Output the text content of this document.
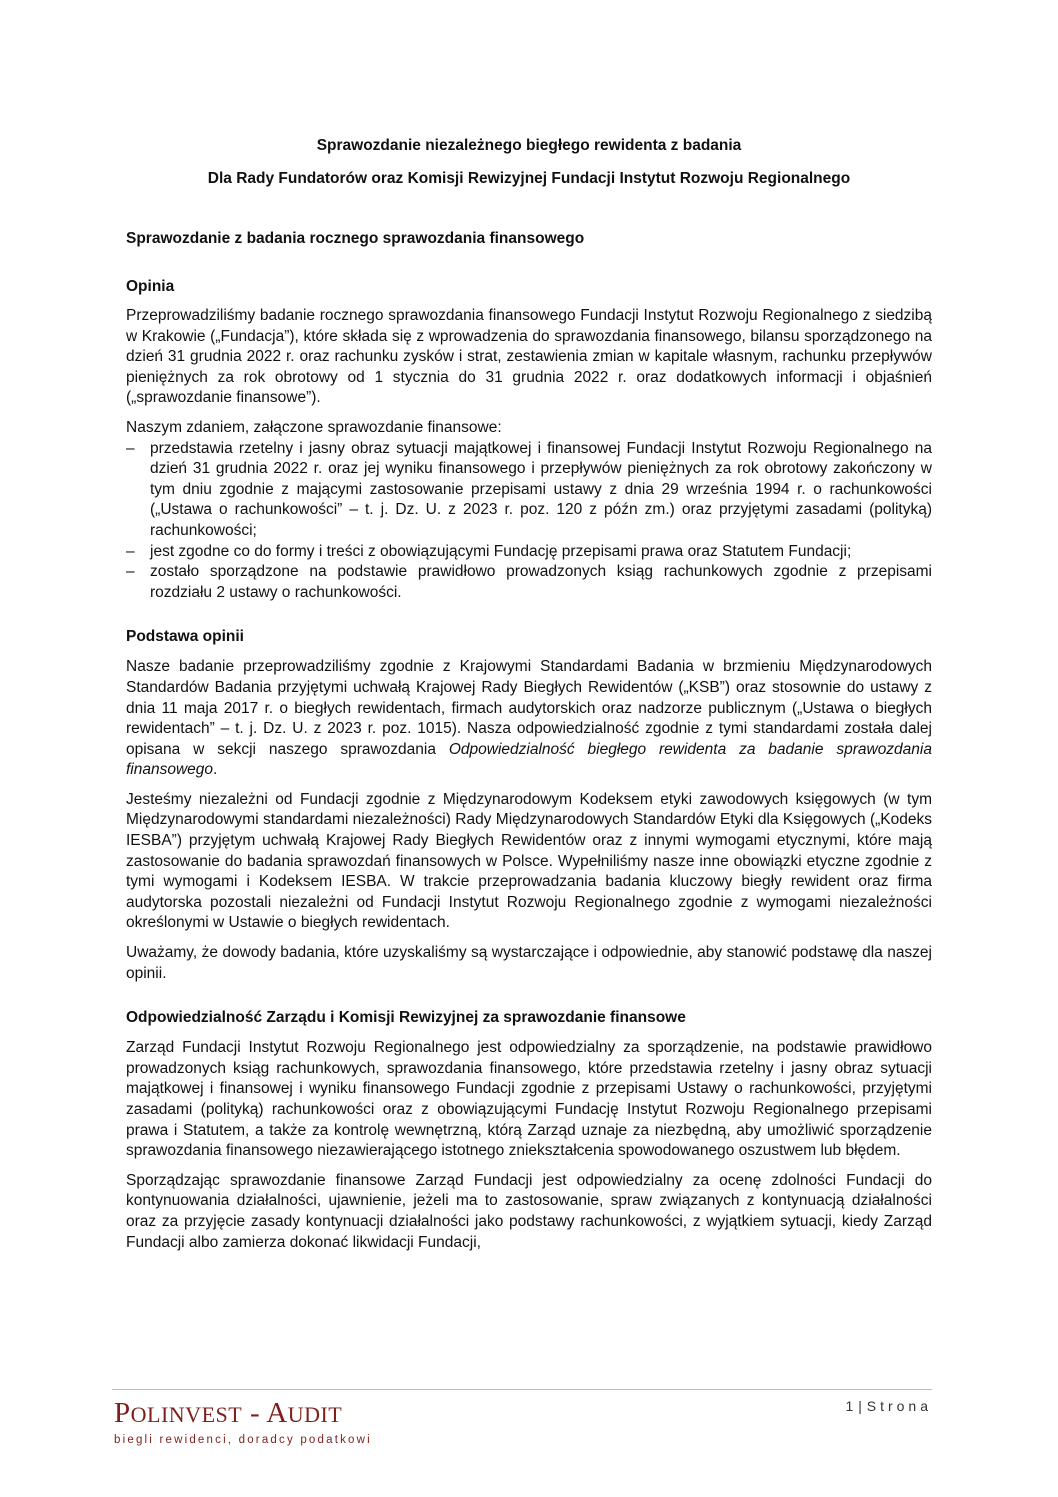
Sprawozdanie niezależnego biegłego rewidenta z badania
Dla Rady Fundatorów oraz Komisji Rewizyjnej Fundacji Instytut Rozwoju Regionalnego
Sprawozdanie z badania rocznego sprawozdania finansowego
Opinia

Przeprowadziliśmy badanie rocznego sprawozdania finansowego Fundacji Instytut Rozwoju Regionalnego z siedzibą w Krakowie („Fundacja”), które składa się z wprowadzenia do sprawozdania finansowego, bilansu sporządzonego na dzień 31 grudnia 2022 r. oraz rachunku zysków i strat, zestawienia zmian w kapitale własnym, rachunku przepływów pieniężnych za rok obrotowy od 1 stycznia do 31 grudnia 2022 r. oraz dodatkowych informacji i objaśnień („sprawozdanie finansowe”).

Naszym zdaniem, załączone sprawozdanie finansowe:

– przedstawia rzetelny i jasny obraz sytuacji majątkowej i finansowej Fundacji Instytut Rozwoju Regionalnego na dzień 31 grudnia 2022 r. oraz jej wyniku finansowego i przepływów pieniężnych za rok obrotowy zakończony w tym dniu zgodnie z mającymi zastosowanie przepisami ustawy z dnia 29 września 1994 r. o rachunkowości („Ustawa o rachunkowości” – t. j. Dz. U. z 2023 r. poz. 120 z późn zm.) oraz przyjętymi zasadami (polityką) rachunkowości;
– jest zgodne co do formy i treści z obowiązującymi Fundację przepisami prawa oraz Statutem Fundacji;
– zostało sporządzone na podstawie prawidłowo prowadzonych ksiąg rachunkowych zgodnie z przepisami rozdziału 2 ustawy o rachunkowości.
Podstawa opinii

Nasze badanie przeprowadziliśmy zgodnie z Krajowymi Standardami Badania w brzmieniu Międzynarodowych Standardów Badania przyjętymi uchwałą Krajowej Rady Biegłych Rewidentów („KSB”) oraz stosownie do ustawy z dnia 11 maja 2017 r. o biegłych rewidentach, firmach audytorskich oraz nadzorze publicznym („Ustawa o biegłych rewidentach” – t. j. Dz. U. z 2023 r. poz. 1015). Nasza odpowiedzialność zgodnie z tymi standardami została dalej opisana w sekcji naszego sprawozdania Odpowiedzialność biegłego rewidenta za badanie sprawozdania finansowego.

Jesteśmy niezależni od Fundacji zgodnie z Międzynarodowym Kodeksem etyki zawodowych księgowych (w tym Międzynarodowymi standardami niezależności) Rady Międzynarodowych Standardów Etyki dla Księgowych („Kodeks IESBA”) przyjętym uchwałą Krajowej Rady Biegłych Rewidentów oraz z innymi wymogami etycznymi, które mają zastosowanie do badania sprawozdań finansowych w Polsce. Wypełniliśmy nasze inne obowiązki etyczne zgodnie z tymi wymogami i Kodeksem IESBA. W trakcie przeprowadzania badania kluczowy biegły rewident oraz firma audytorska pozostali niezależni od Fundacji Instytut Rozwoju Regionalnego zgodnie z wymogami niezależności określonymi w Ustawie o biegłych rewidentach.

Uważamy, że dowody badania, które uzyskaliśmy są wystarczające i odpowiednie, aby stanowić podstawę dla naszej opinii.

Odpowiedzialność Zarządu i Komisji Rewizyjnej za sprawozdanie finansowe

Zarząd Fundacji Instytut Rozwoju Regionalnego jest odpowiedzialny za sporządzenie, na podstawie prawidłowo prowadzonych ksiąg rachunkowych, sprawozdania finansowego, które przedstawia rzetelny i jasny obraz sytuacji majątkowej i finansowej i wyniku finansowego Fundacji zgodnie z przepisami Ustawy o rachunkowości, przyjętymi zasadami (polityką) rachunkowości oraz z obowiązującymi Fundację Instytut Rozwoju Regionalnego przepisami prawa i Statutem, a także za kontrolę wewnętrzną, którą Zarząd uznaje za niezbędną, aby umożliwić sporządzenie sprawozdania finansowego niezawierającego istotnego zniekształcenia spowodowanego oszustwem lub błędem.

Sporządzając sprawozdanie finansowe Zarząd Fundacji jest odpowiedzialny za ocenę zdolności Fundacji do kontynuowania działalności, ujawnienie, jeżeli ma to zastosowanie, spraw związanych z kontynuacją działalności oraz za przyjęcie zasady kontynuacji działalności jako podstawy rachunkowości, z wyjątkiem sytuacji, kiedy Zarząd Fundacji albo zamierza dokonać likwidacji Fundacji,

POLINVEST - AUDIT
biegli rewidenci, doradcy podatkowi
1 | Strona
